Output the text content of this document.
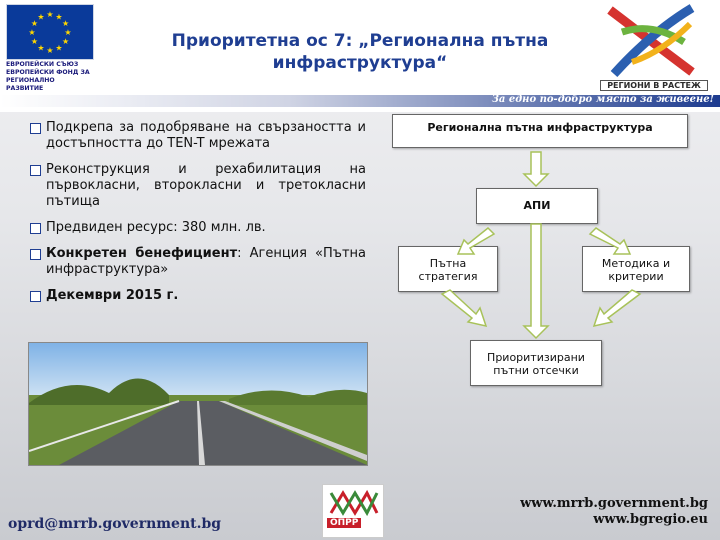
★ ★
★
★
★
★
★
★
★
★
★
★
ЕВРОПЕЙСКИ СЪЮЗ
ЕВРОПЕЙСКИ ФОНД ЗА
РЕГИОНАЛНО РАЗВИТИЕ
Приоритетна ос 7: „Регионална пътна
инфраструктура“
РЕГИОНИ В РАСТЕЖ
За едно по-добро място за живеене!
Подкрепа за подобряване на свързаността и достъпността до TEN-T мрежата
Реконструкция и рехабилитация на първокласни, второкласни и третокласни пътища
Предвиден ресурс: 380 млн. лв.
Конкретен бенефициент: Агенция «Пътна инфраструктура»
Декември 2015 г.
Регионална пътна инфраструктура
АПИ
Пътна стратегия
Методика и критерии
Приоритизирани пътни отсечки
ОПРР
oprd@mrrb.government.bg
www.mrrb.government.bg
www.bgregio.eu
